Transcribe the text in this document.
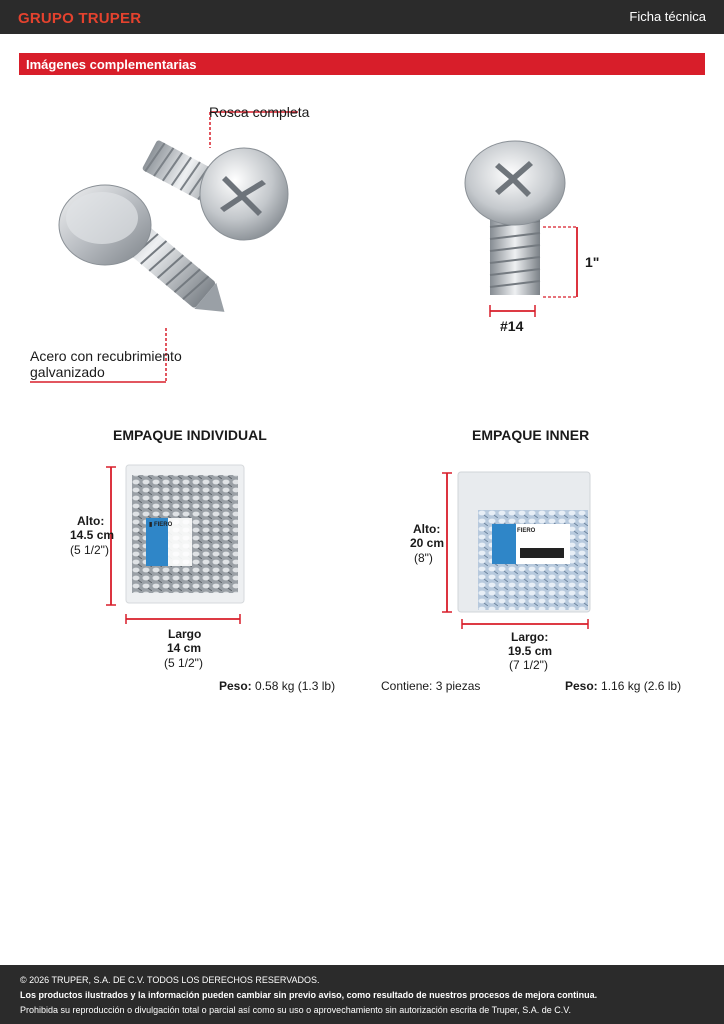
GRUPO TRUPER	Ficha técnica
Imágenes complementarias
Rosca completa
Acero con recubrimiento
galvanizado
1"
#14
EMPAQUE INDIVIDUAL
▮ FIERO
Alto:
14.5 cm
(5 1/2")
Largo
14 cm
(5 1/2")
Peso: 0.58 kg (1.3 lb)
EMPAQUE INNER
FIERO
Alto:
20 cm
(8")
Largo:
19.5 cm
(7 1/2")
Contiene: 3 piezas	Peso: 1.16 kg (2.6 lb)

© 2026 TRUPER, S.A. DE C.V. TODOS LOS DERECHOS RESERVADOS.

Los productos ilustrados y la información pueden cambiar sin previo aviso, como resultado de nuestros procesos de mejora continua.

Prohibida su reproducción o divulgación total o parcial así como su uso o aprovechamiento sin autorización escrita de Truper, S.A. de C.V.
